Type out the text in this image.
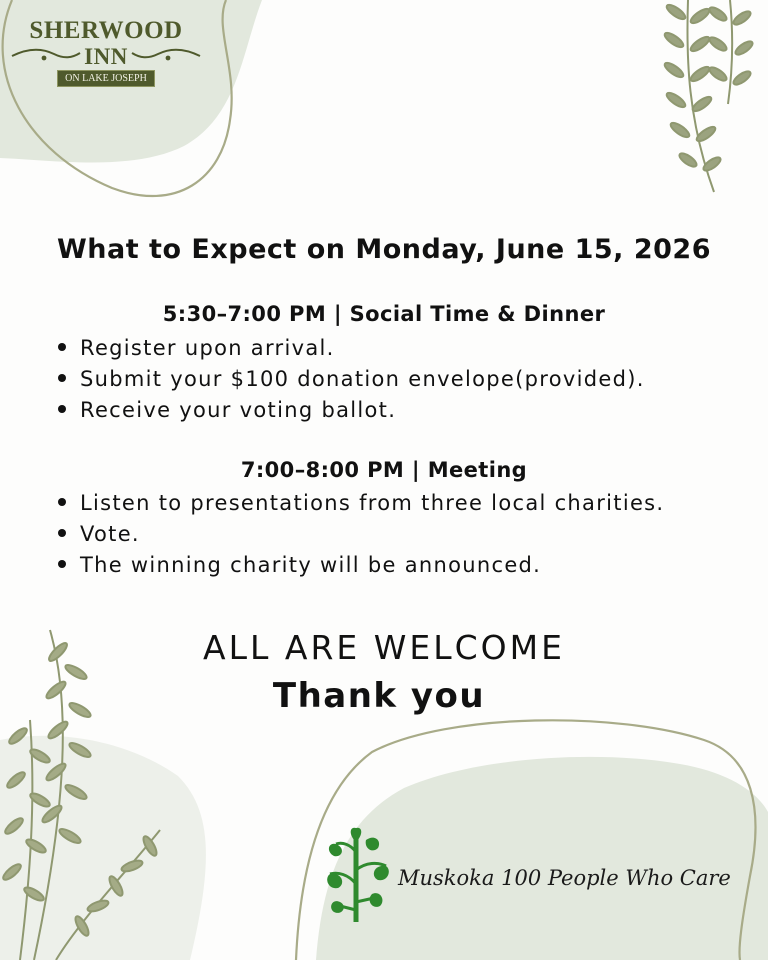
SHERWOOD
INN
ON LAKE JOSEPH
What to Expect on Monday, June 15, 2026
5:30–7:00 PM | Social Time & Dinner
Register upon arrival.
Submit your $100 donation envelope(provided).
Receive your voting ballot.
7:00–8:00 PM | Meeting
Listen to presentations from three local charities.
Vote.
The winning charity will be announced.
ALL ARE WELCOME
Thank you
Muskoka 100 People Who Care
